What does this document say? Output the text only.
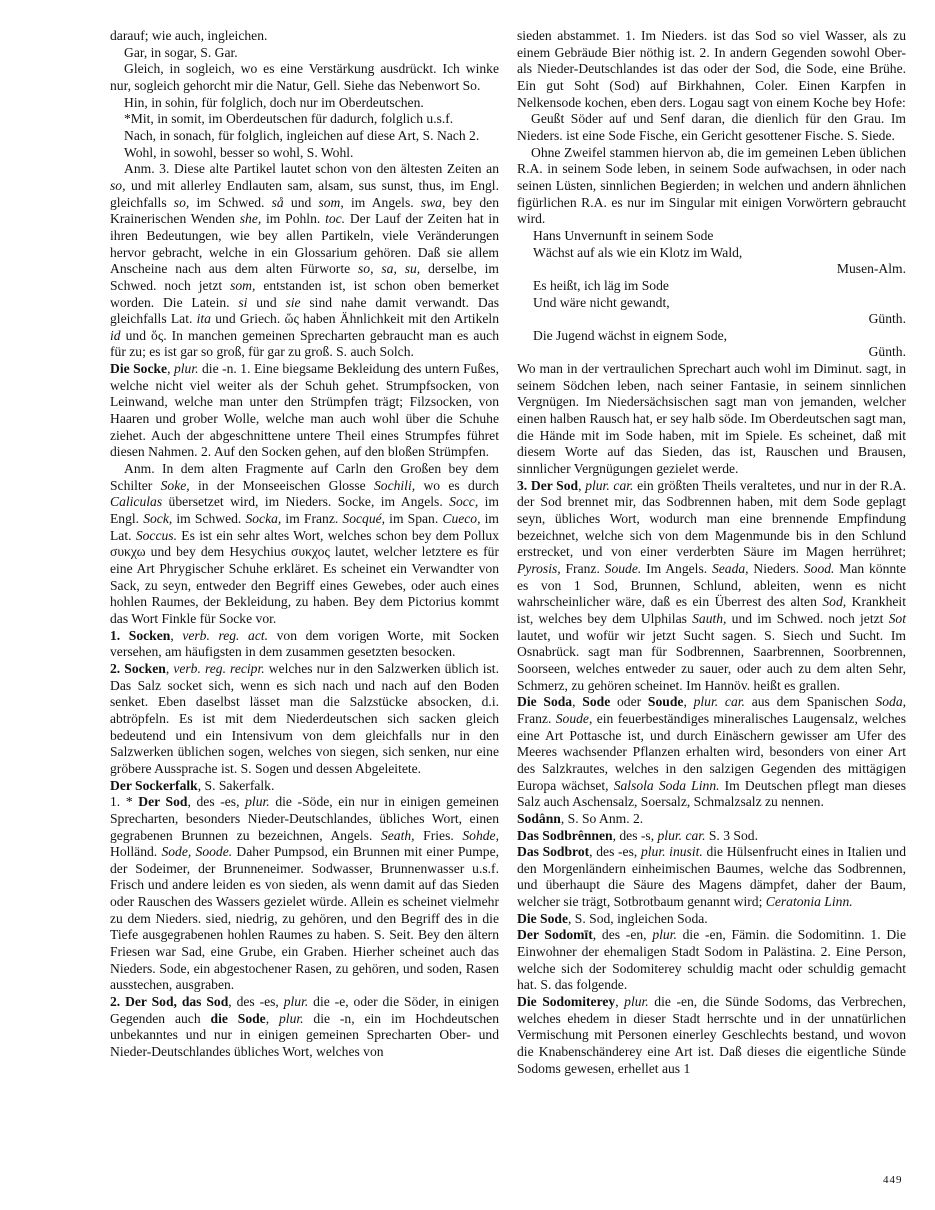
darauf; wie auch, ingleichen.

Gar, in sogar, S. Gar.

Gleich, in sogleich, wo es eine Verstärkung ausdrückt. Ich winke nur, sogleich gehorcht mir die Natur, Gell. Siehe das Nebenwort So.

Hin, in sohin, für folglich, doch nur im Oberdeutschen.

*Mit, in somit, im Oberdeutschen für dadurch, folglich u.s.f.

Nach, in sonach, für folglich, ingleichen auf diese Art, S. Nach 2.

Wohl, in sowohl, besser so wohl, S. Wohl.

Anm. 3. Diese alte Partikel lautet schon von den ältesten Zeiten an so, und mit allerley Endlauten sam, alsam, sus sunst, thus, im Engl. gleichfalls so, im Schwed. så und som, im Angels. swa, bey den Krainerischen Wenden she, im Pohln. toc. Der Lauf der Zeiten hat in ihren Bedeutungen, wie bey allen Partikeln, viele Veränderungen hervor gebracht, welche in ein Glossarium gehören. Daß sie allem Anscheine nach aus dem alten Fürworte so, sa, su, derselbe, im Schwed. noch jetzt som, entstanden ist, ist schon oben bemerket worden. Die Latein. si und sie sind nahe damit verwandt. Das gleichfalls Lat. ita und Griech. ὥς haben Ähnlichkeit mit den Artikeln id und ὅς. In manchen gemeinen Sprecharten gebraucht man es auch für zu; es ist gar so groß, für gar zu groß. S. auch Solch.

Die Socke, plur. die -n. 1. Eine biegsame Bekleidung des untern Fußes, welche nicht viel weiter als der Schuh gehet. Strumpfsocken, von Leinwand, welche man unter den Strümpfen trägt; Filzsocken, von Haaren und grober Wolle, welche man auch wohl über die Schuhe ziehet. Auch der abgeschnittene untere Theil eines Strumpfes führet diesen Nahmen. 2. Auf den Socken gehen, auf den bloßen Strümpfen.

Anm. In dem alten Fragmente auf Carln den Großen bey dem Schilter Soke, in der Monseeischen Glosse Sochili, wo es durch Caliculas übersetzet wird, im Nieders. Socke, im Angels. Socc, im Engl. Sock, im Schwed. Socka, im Franz. Socqué, im Span. Cueco, im Lat. Soccus. Es ist ein sehr altes Wort, welches schon bey dem Pollux συκχω und bey dem Hesychius συκχος lautet, welcher letztere es für eine Art Phrygischer Schuhe erkläret. Es scheinet ein Verwandter von Sack, zu seyn, entweder den Begriff eines Gewebes, oder auch eines hohlen Raumes, der Bekleidung, zu haben. Bey dem Pictorius kommt das Wort Finkle für Socke vor.

1. Socken, verb. reg. act. von dem vorigen Worte, mit Socken versehen, am häufigsten in dem zusammen gesetzten besocken.

2. Socken, verb. reg. recipr. welches nur in den Salzwerken üblich ist. Das Salz socket sich, wenn es sich nach und nach auf den Boden senket. Eben daselbst lässet man die Salzstücke absocken, d.i. abtröpfeln. Es ist mit dem Niederdeutschen sich sacken gleich bedeutend und ein Intensivum von dem gleichfalls nur in den Salzwerken üblichen sogen, welches von siegen, sich senken, nur eine gröbere Aussprache ist. S. Sogen und dessen Abgeleitete.

Der Sockerfalk, S. Sakerfalk.

1. * Der Sod, des -es, plur. die -Söde, ein nur in einigen gemeinen Sprecharten, besonders Nieder-Deutschlandes, übliches Wort, einen gegrabenen Brunnen zu bezeichnen, Angels. Seath, Fries. Sohde, Holländ. Sode, Soode. Daher Pumpsod, ein Brunnen mit einer Pumpe, der Sodeimer, der Brunneneimer. Sodwasser, Brunnenwasser u.s.f. Frisch und andere leiden es von sieden, als wenn damit auf das Sieden oder Rauschen des Wassers gezielet würde. Allein es scheinet vielmehr zu dem Nieders. sied, niedrig, zu gehören, und den Begriff des in die Tiefe ausgegrabenen hohlen Raumes zu haben. S. Seit. Bey den ältern Friesen war Sad, eine Grube, ein Graben. Hierher scheinet auch das Nieders. Sode, ein abgestochener Rasen, zu gehören, und soden, Rasen ausstechen, ausgraben.

2. Der Sod, das Sod, des -es, plur. die -e, oder die Söder, in einigen Gegenden auch die Sode, plur. die -n, ein im Hochdeutschen unbekanntes und nur in einigen gemeinen Sprecharten Ober- und Nieder-Deutschlandes übliches Wort, welches von

sieden abstammet. 1. Im Nieders. ist das Sod so viel Wasser, als zu einem Gebräude Bier nöthig ist. 2. In andern Gegenden sowohl Ober- als Nieder-Deutschlandes ist das oder der Sod, die Sode, eine Brühe. Ein gut Soht (Sod) auf Birkhahnen, Coler. Einen Karpfen in Nelkensode kochen, eben ders. Logau sagt von einem Koche bey Hofe:

Geußt Söder auf und Senf daran, die dienlich für den Grau. Im Nieders. ist eine Sode Fische, ein Gericht gesottener Fische. S. Siede.

Ohne Zweifel stammen hiervon ab, die im gemeinen Leben üblichen R.A. in seinem Sode leben, in seinem Sode aufwachsen, in oder nach seinen Lüsten, sinnlichen Begierden; in welchen und andern ähnlichen figürlichen R.A. es nur im Singular mit einigen Vorwörtern gebraucht wird.

Hans Unvernunft in seinem Sode

Wächst auf als wie ein Klotz im Wald,

Musen-Alm.

Es heißt, ich läg im Sode

Und wäre nicht gewandt,

Günth.

Die Jugend wächst in eignem Sode,

Günth.

Wo man in der vertraulichen Sprechart auch wohl im Diminut. sagt, in seinem Södchen leben, nach seiner Fantasie, in seinem sinnlichen Vergnügen. Im Niedersächsischen sagt man von jemanden, welcher einen halben Rausch hat, er sey halb söde. Im Oberdeutschen sagt man, die Hände mit im Sode haben, mit im Spiele. Es scheinet, daß mit diesem Worte auf das Sieden, das ist, Rauschen und Brausen, sinnlicher Vergnügungen gezielet werde.

3. Der Sod, plur. car. ein größten Theils veraltetes, und nur in der R.A. der Sod brennet mir, das Sodbrennen haben, mit dem Sode geplagt seyn, übliches Wort, wodurch man eine brennende Empfindung bezeichnet, welche sich von dem Magenmunde bis in den Schlund erstrecket, und von einer verderbten Säure im Magen herrühret; Pyrosis, Franz. Soude. Im Angels. Seada, Nieders. Sood. Man könnte es von 1 Sod, Brunnen, Schlund, ableiten, wenn es nicht wahrscheinlicher wäre, daß es ein Überrest des alten Sod, Krankheit ist, welches bey dem Ulphilas Sauth, und im Schwed. noch jetzt Sot lautet, und wofür wir jetzt Sucht sagen. S. Siech und Sucht. Im Osnabrück. sagt man für Sodbrennen, Saarbrennen, Soorbrennen, Soorseen, welches entweder zu sauer, oder auch zu dem alten Sehr, Schmerz, zu gehören scheinet. Im Hannöv. heißt es grallen.

Die Soda, Sode oder Soude, plur. car. aus dem Spanischen Soda, Franz. Soude, ein feuerbeständiges mineralisches Laugensalz, welches eine Art Pottasche ist, und durch Einäschern gewisser am Ufer des Meeres wachsender Pflanzen erhalten wird, besonders von einer Art des Salzkrautes, welches in den salzigen Gegenden des mittägigen Europa wächset, Salsola Soda Linn. Im Deutschen pflegt man dieses Salz auch Aschensalz, Soersalz, Schmalzsalz zu nennen.

Sodânn, S. So Anm. 2.

Das Sodbrênnen, des -s, plur. car. S. 3 Sod.

Das Sodbrot, des -es, plur. inusit. die Hülsenfrucht eines in Italien und den Morgenländern einheimischen Baumes, welche das Sodbrennen, und überhaupt die Säure des Magens dämpfet, daher der Baum, welcher sie trägt, Sotbrotbaum genannt wird; Ceratonia Linn.

Die Sode, S. Sod, ingleichen Soda.

Der Sodomīt, des -en, plur. die -en, Fämin. die Sodomitinn. 1. Die Einwohner der ehemaligen Stadt Sodom in Palästina. 2. Eine Person, welche sich der Sodomiterey schuldig macht oder schuldig gemacht hat. S. das folgende.

Die Sodomiterey, plur. die -en, die Sünde Sodoms, das Verbrechen, welches ehedem in dieser Stadt herrschte und in der unnatürlichen Vermischung mit Personen einerley Geschlechts bestand, und wovon die Knabenschänderey eine Art ist. Daß dieses die eigentliche Sünde Sodoms gewesen, erhellet aus 1

449
